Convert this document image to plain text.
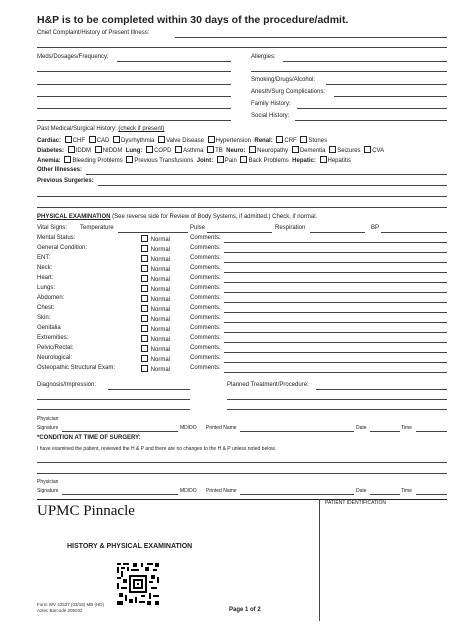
H&P is to be completed within 30 days of the procedure/admit.
Chief Complaint/History of Present Illness:
Meds/Dosages/Frequency:	Allergies:
Smoking/Drugs/Alcohol:
Anesth/Surg Complications:
Family History:
Social History:
Past Medical/Surgical History: (check if present)
Cardiac: CHF CAD Dysrhythmia Valve Disease Hypertension Renal: CRF Stones
Diabetes: IDDM NIDDM Lung: COPD Asthma TB Neuro: Neuropathy Dementia Seizures CVA
Anemia: Bleeding Problems Previous Transfusions Joint: Pain Back Problems Hepatic: Hepatitis
Other Illnesses:
Previous Surgeries:
PHYSICAL EXAMINATION (See reverse side for Review of Body Systems, if admitted.) Check, if normal.
Vital Signs: Temperature	Pulse	Respiration	BP
Mental Status:	Normal	Comments:
General Condition:	Normal	Comments:
ENT:	Normal	Comments:
Neck:	Normal	Comments:
Heart:	Normal	Comments:
Lungs:	Normal	Comments:
Abdomen:	Normal	Comments:
Chest:	Normal	Comments:
Skin:	Normal	Comments:
Genitalia	Normal	Comments:
Extremities:	Normal	Comments:
Pelvic/Rectal:	Normal	Comments:
Neurological:	Normal	Comments:
Osteopathic Structural Exam:	Normal	Comments:
Diagnosis/Impression:	Planned Treatment/Procedure:
Physician
Signature	MD/DO Printed Name	Date	Time
*CONDITION AT TIME OF SURGERY:
I have examined the patient, reviewed the H & P and there are no changes to the H & P unless noted below.
Physician
Signature	MD/DO Printed Name	Date	Time
PATIENT IDENTIFICATION
UPMC Pinnacle
HISTORY & PHYSICAL EXAMINATION
Form WV 42537 (03/18) MB (HD)
Aztec Barcode 205032	Page 1 of 2
